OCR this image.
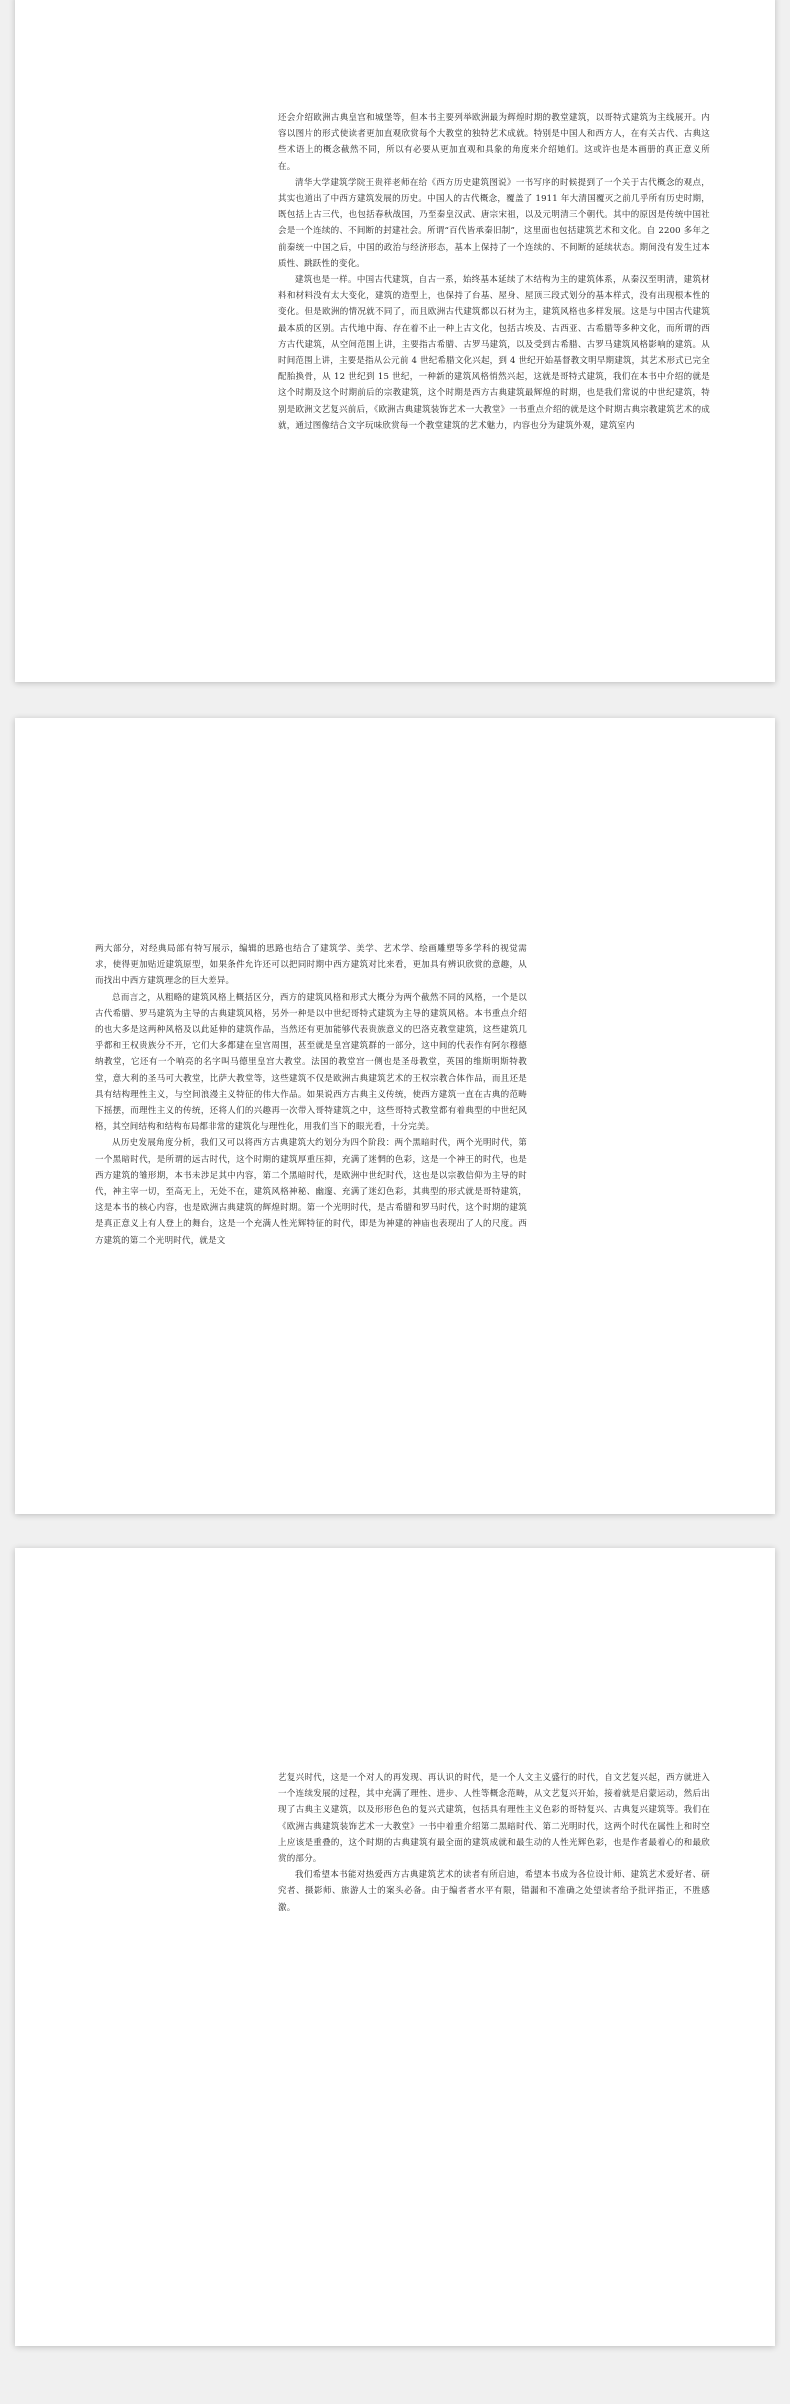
还会介绍欧洲古典皇宫和城堡等，但本书主要列举欧洲最为辉煌时期的教堂建筑，以哥特式建筑为主线展开。内容以图片的形式使读者更加直观欣赏每个大教堂的独特艺术成就。特别是中国人和西方人，在有关古代、古典这些术语上的概念截然不同，所以有必要从更加直观和具象的角度来介绍她们。这或许也是本画册的真正意义所在。

清华大学建筑学院王贵祥老师在给《西方历史建筑图说》一书写序的时候提到了一个关于古代概念的观点，其实也道出了中西方建筑发展的历史。中国人的古代概念，覆盖了 1911 年大清国覆灭之前几乎所有历史时期，既包括上古三代，也包括春秋战国，乃至秦皇汉武、唐宗宋祖，以及元明清三个朝代。其中的原因是传统中国社会是一个连续的、不间断的封建社会。所谓“百代皆承秦旧制”，这里面也包括建筑艺术和文化。自 2200 多年之前秦统一中国之后，中国的政治与经济形态，基本上保持了一个连续的、不间断的延续状态。期间没有发生过本质性、跳跃性的变化。

建筑也是一样。中国古代建筑，自古一系，始终基本延续了木结构为主的建筑体系，从秦汉至明清，建筑材料和材料没有太大变化，建筑的造型上，也保持了台基、屋身、屋顶三段式划分的基本样式，没有出现根本性的变化。但是欧洲的情况就不同了，而且欧洲古代建筑都以石材为主，建筑风格也多样发展。这是与中国古代建筑最本质的区别。古代地中海、存在着不止一种上古文化，包括古埃及、古西亚、古希腊等多种文化，而所谓的西方古代建筑，从空间范围上讲，主要指古希腊、古罗马建筑，以及受到古希腊、古罗马建筑风格影响的建筑。从时间范围上讲，主要是指从公元前 4 世纪希腊文化兴起，到 4 世纪开始基督教文明早期建筑，其艺术形式已完全配胎换骨，从 12 世纪到 15 世纪，一种新的建筑风格悄然兴起，这就是哥特式建筑，我们在本书中介绍的就是这个时期及这个时期前后的宗教建筑，这个时期是西方古典建筑最辉煌的时期，也是我们常说的中世纪建筑，特别是欧洲文艺复兴前后，《欧洲古典建筑装饰艺术一大教堂》一书重点介绍的就是这个时期古典宗教建筑艺术的成就，通过图像结合文字玩味欣赏每一个教堂建筑的艺术魅力，内容也分为建筑外观，建筑室内

两大部分，对经典局部有特写展示，编辑的思路也结合了建筑学、美学、艺术学、绘画雕塑等多学科的视觉需求，使得更加贴近建筑原型，如果条件允许还可以把同时期中西方建筑对比来看，更加具有辨识欣赏的意趣，从而找出中西方建筑理念的巨大差异。

总而言之，从粗略的建筑风格上概括区分，西方的建筑风格和形式大概分为两个截然不同的风格，一个是以古代希腊、罗马建筑为主导的古典建筑风格，另外一种是以中世纪哥特式建筑为主导的建筑风格。本书重点介绍的也大多是这两种风格及以此延伸的建筑作品，当然还有更加能够代表贵族意义的巴洛克教堂建筑，这些建筑几乎都和王权贵族分不开，它们大多都建在皇宫周围，甚至就是皇宫建筑群的一部分，这中间的代表作有阿尔穆德纳教堂，它还有一个响亮的名字叫马德里皇宫大教堂。法国的教堂宫一侧也是圣母教堂，英国的维斯明斯特教堂，意大利的圣马可大教堂，比萨大教堂等，这些建筑不仅是欧洲古典建筑艺术的王权宗教合体作品，而且还是具有结构理性主义，与空间浪漫主义特征的伟大作品。如果说西方古典主义传统，使西方建筑一直在古典的范畴下摇摆，而理性主义的传统，还将人们的兴趣再一次带入哥特建筑之中，这些哥特式教堂都有着典型的中世纪风格，其空间结构和结构布局都非常的建筑化与理性化，用我们当下的眼光看，十分完美。

从历史发展角度分析，我们又可以将西方古典建筑大约划分为四个阶段：两个黑暗时代，两个光明时代，第一个黑暗时代，是所谓的远古时代，这个时期的建筑厚重压抑，充满了迷惘的色彩，这是一个神王的时代，也是西方建筑的雏形期，本书未涉足其中内容，第二个黑暗时代，是欧洲中世纪时代，这也是以宗教信仰为主导的时代，神主宰一切，至高无上，无处不在，建筑风格神秘、幽邃、充满了迷幻色彩，其典型的形式就是哥特建筑，这是本书的核心内容，也是欧洲古典建筑的辉煌时期。第一个光明时代，是古希腊和罗马时代，这个时期的建筑是真正意义上有人登上的舞台，这是一个充满人性光辉特征的时代，即是为神建的神庙也表现出了人的尺度。西方建筑的第二个光明时代，就是文

艺复兴时代，这是一个对人的再发现、再认识的时代，是一个人文主义盛行的时代，自文艺复兴起，西方就进入一个连续发展的过程，其中充满了理性、进步、人性等概念范畴，从文艺复兴开始，接着就是启蒙运动，然后出现了古典主义建筑，以及形形色色的复兴式建筑，包括具有理性主义色彩的哥特复兴、古典复兴建筑等。我们在《欧洲古典建筑装饰艺术一大教堂》一书中着重介绍第二黑暗时代、第二光明时代，这两个时代在属性上和时空上应该是重叠的，这个时期的古典建筑有最全面的建筑成就和最生动的人性光辉色彩，也是作者最着心的和最欣赏的部分。

我们希望本书能对热爱西方古典建筑艺术的读者有所启迪，希望本书成为各位设计师、建筑艺术爱好者、研究者、摄影师、旅游人士的案头必备。由于编者者水平有限，错漏和不准确之处望读者给予批评指正，不胜感激。
